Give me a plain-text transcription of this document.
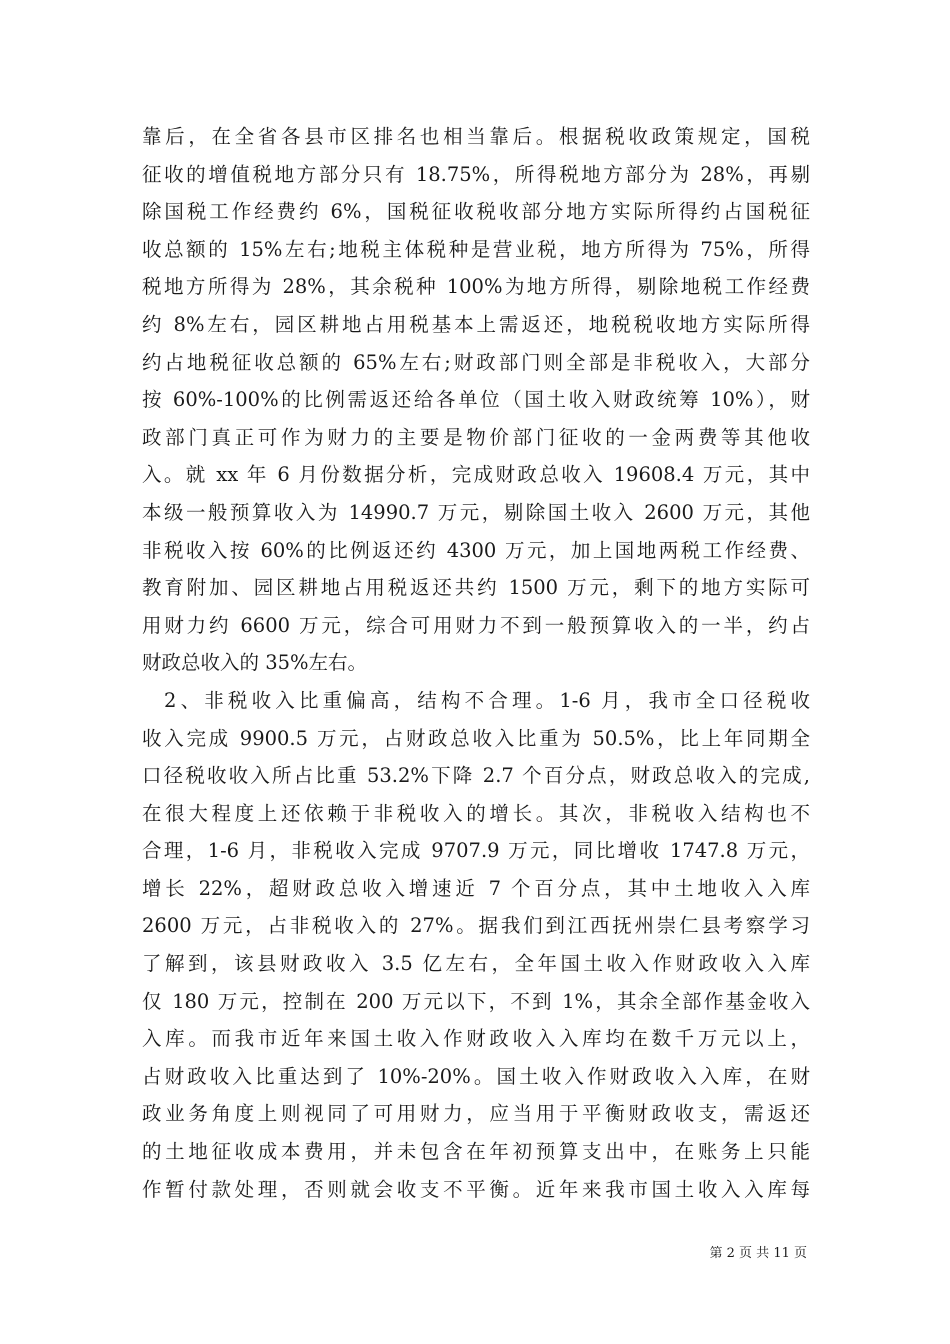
靠后，在全省各县市区排名也相当靠后。根据税收政策规定，国税
征收的增值税地方部分只有 18.75%，所得税地方部分为 28%，再剔
除国税工作经费约 6%，国税征收税收部分地方实际所得约占国税征
收总额的 15%左右;地税主体税种是营业税，地方所得为 75%，所得
税地方所得为 28%，其余税种 100%为地方所得，剔除地税工作经费
约 8%左右，园区耕地占用税基本上需返还，地税税收地方实际所得
约占地税征收总额的 65%左右;财政部门则全部是非税收入，大部分
按 60%-100%的比例需返还给各单位（国土收入财政统筹 10%），财
政部门真正可作为财力的主要是物价部门征收的一金两费等其他收
入。就 xx 年 6 月份数据分析，完成财政总收入 19608.4 万元，其中
本级一般预算收入为 14990.7 万元，剔除国土收入 2600 万元，其他
非税收入按 60%的比例返还约 4300 万元，加上国地两税工作经费、
教育附加、园区耕地占用税返还共约 1500 万元，剩下的地方实际可
用财力约 6600 万元，综合可用财力不到一般预算收入的一半，约占
财政总收入的 35%左右。
2、非税收入比重偏高，结构不合理。1-6 月，我市全口径税收
收入完成 9900.5 万元，占财政总收入比重为 50.5%，比上年同期全
口径税收收入所占比重 53.2%下降 2.7 个百分点，财政总收入的完成,
在很大程度上还依赖于非税收入的增长。其次，非税收入结构也不
合理，1-6 月，非税收入完成 9707.9 万元，同比增收 1747.8 万元，
增长 22%，超财政总收入增速近 7 个百分点，其中土地收入入库
2600 万元，占非税收入的 27%。据我们到江西抚州崇仁县考察学习
了解到，该县财政收入 3.5 亿左右，全年国土收入作财政收入入库
仅 180 万元，控制在 200 万元以下，不到 1%，其余全部作基金收入
入库。而我市近年来国土收入作财政收入入库均在数千万元以上，
占财政收入比重达到了 10%-20%。国土收入作财政收入入库，在财
政业务角度上则视同了可用财力，应当用于平衡财政收支，需返还
的土地征收成本费用，并未包含在年初预算支出中，在账务上只能
作暂付款处理，否则就会收支不平衡。近年来我市国土收入入库每
第 2 页 共 11 页
